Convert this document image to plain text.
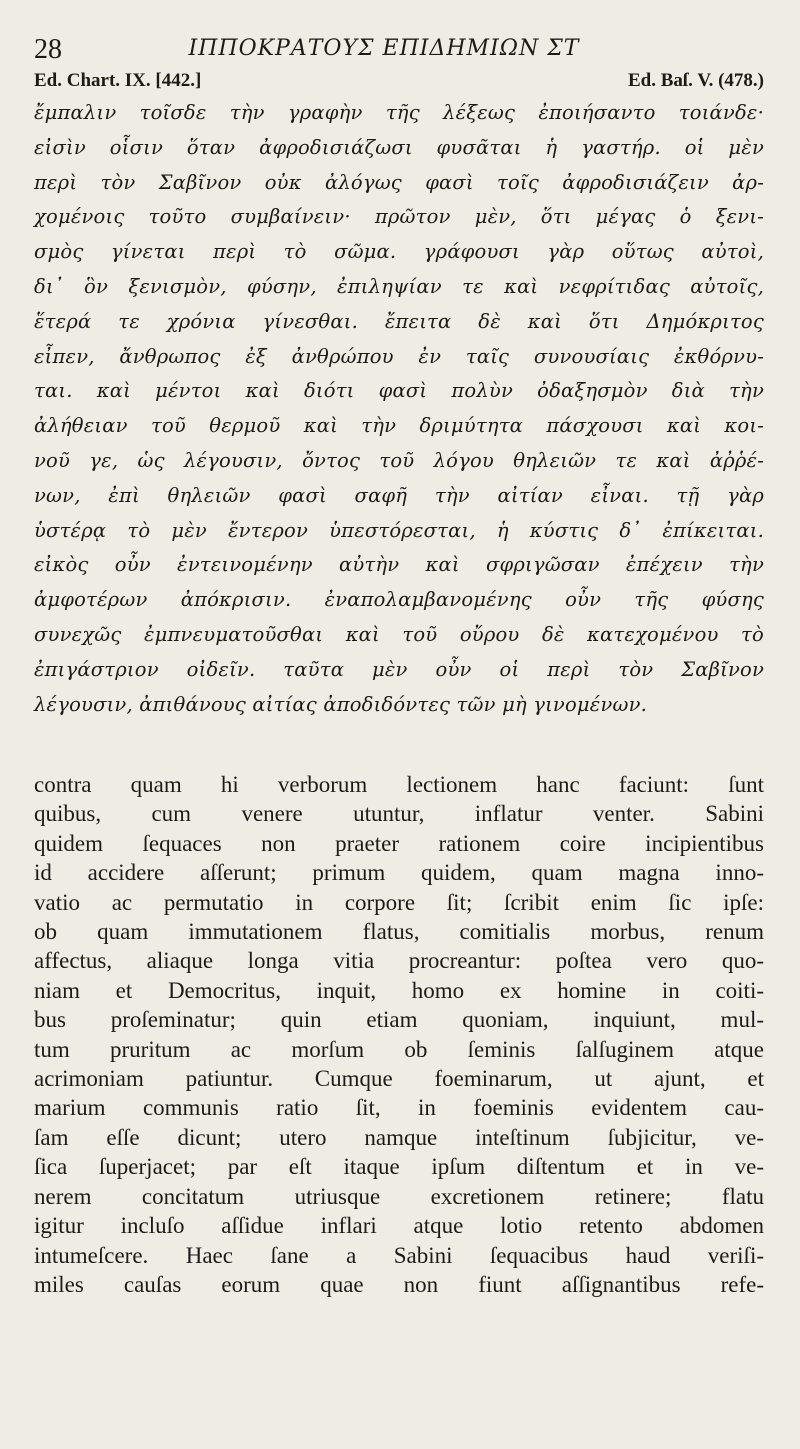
28	ΙΠΠΟΚΡΑΤΟΥΣ ΕΠΙΔΗΜΙΩΝ ΣΤ
Ed. Chart. IX. [442.]	Ed. Baſ. V. (478.)
ἔμπαλιν τοῖσδε τὴν γραφὴν τῆς λέξεως ἐποιήσαντο τοιάνδε·
εἰσὶν οἷσιν ὅταν ἀφροδισιάζωσι φυσᾶται ἡ γαστήρ. οἱ μὲν
περὶ τὸν Σαβῖνον οὐκ ἀλόγως φασὶ τοῖς ἀφροδισιάζειν ἀρ-
χομένοις τοῦτο συμβαίνειν· πρῶτον μὲν, ὅτι μέγας ὁ ξενι-
σμὸς γίνεται περὶ τὸ σῶμα. γράφουσι γὰρ οὕτως αὐτοὶ,
δι᾽ ὃν ξενισμὸν, φύσην, ἐπιληψίαν τε καὶ νεφρίτιδας αὐτοῖς,
ἕτερά τε χρόνια γίνεσθαι. ἔπειτα δὲ καὶ ὅτι Δημόκριτος
εἶπεν, ἄνθρωπος ἐξ ἀνθρώπου ἐν ταῖς συνουσίαις ἐκθόρνυ-
ται. καὶ μέντοι καὶ διότι φασὶ πολὺν ὀδαξησμὸν διὰ τὴν
ἀλήθειαν τοῦ θερμοῦ καὶ τὴν δριμύτητα πάσχουσι καὶ κοι-
νοῦ γε, ὡς λέγουσιν, ὄντος τοῦ λόγου θηλειῶν τε καὶ ἀῤῥέ-
νων, ἐπὶ θηλειῶν φασὶ σαφῆ τὴν αἰτίαν εἶναι. τῇ γὰρ
ὑστέρᾳ τὸ μὲν ἔντερον ὑπεστόρεσται, ἡ κύστις δ᾽ ἐπίκειται.
εἰκὸς οὖν ἐντεινομένην αὐτὴν καὶ σφριγῶσαν ἐπέχειν τὴν
ἀμφοτέρων ἀπόκρισιν. ἐναπολαμβανομένης οὖν τῆς φύσης
συνεχῶς ἐμπνευματοῦσθαι καὶ τοῦ οὔρου δὲ κατεχομένου τὸ
ἐπιγάστριον οἰδεῖν. ταῦτα μὲν οὖν οἱ περὶ τὸν Σαβῖνον
λέγουσιν, ἀπιθάνους αἰτίας ἀποδιδόντες τῶν μὴ γινομένων.
contra quam hi verborum lectionem hanc faciunt: ſunt
quibus, cum venere utuntur, inflatur venter. Sabini
quidem ſequaces non praeter rationem coire incipientibus
id accidere aſſerunt; primum quidem, quam magna inno-
vatio ac permutatio in corpore ſit; ſcribit enim ſic ipſe:
ob quam immutationem flatus, comitialis morbus, renum
affectus, aliaque longa vitia procreantur: poſtea vero quo-
niam et Democritus, inquit, homo ex homine in coiti-
bus proſeminatur; quin etiam quoniam, inquiunt, mul-
tum pruritum ac morſum ob ſeminis ſalſuginem atque
acrimoniam patiuntur. Cumque foeminarum, ut ajunt, et
marium communis ratio ſit, in foeminis evidentem cau-
ſam eſſe dicunt; utero namque inteſtinum ſubjicitur, ve-
ſica ſuperjacet; par eſt itaque ipſum diſtentum et in ve-
nerem concitatum utriusque excretionem retinere; flatu
igitur incluſo aſſidue inflari atque lotio retento abdomen
intumeſcere. Haec ſane a Sabini ſequacibus haud veriſi-
miles cauſas eorum quae non fiunt aſſignantibus refe-
